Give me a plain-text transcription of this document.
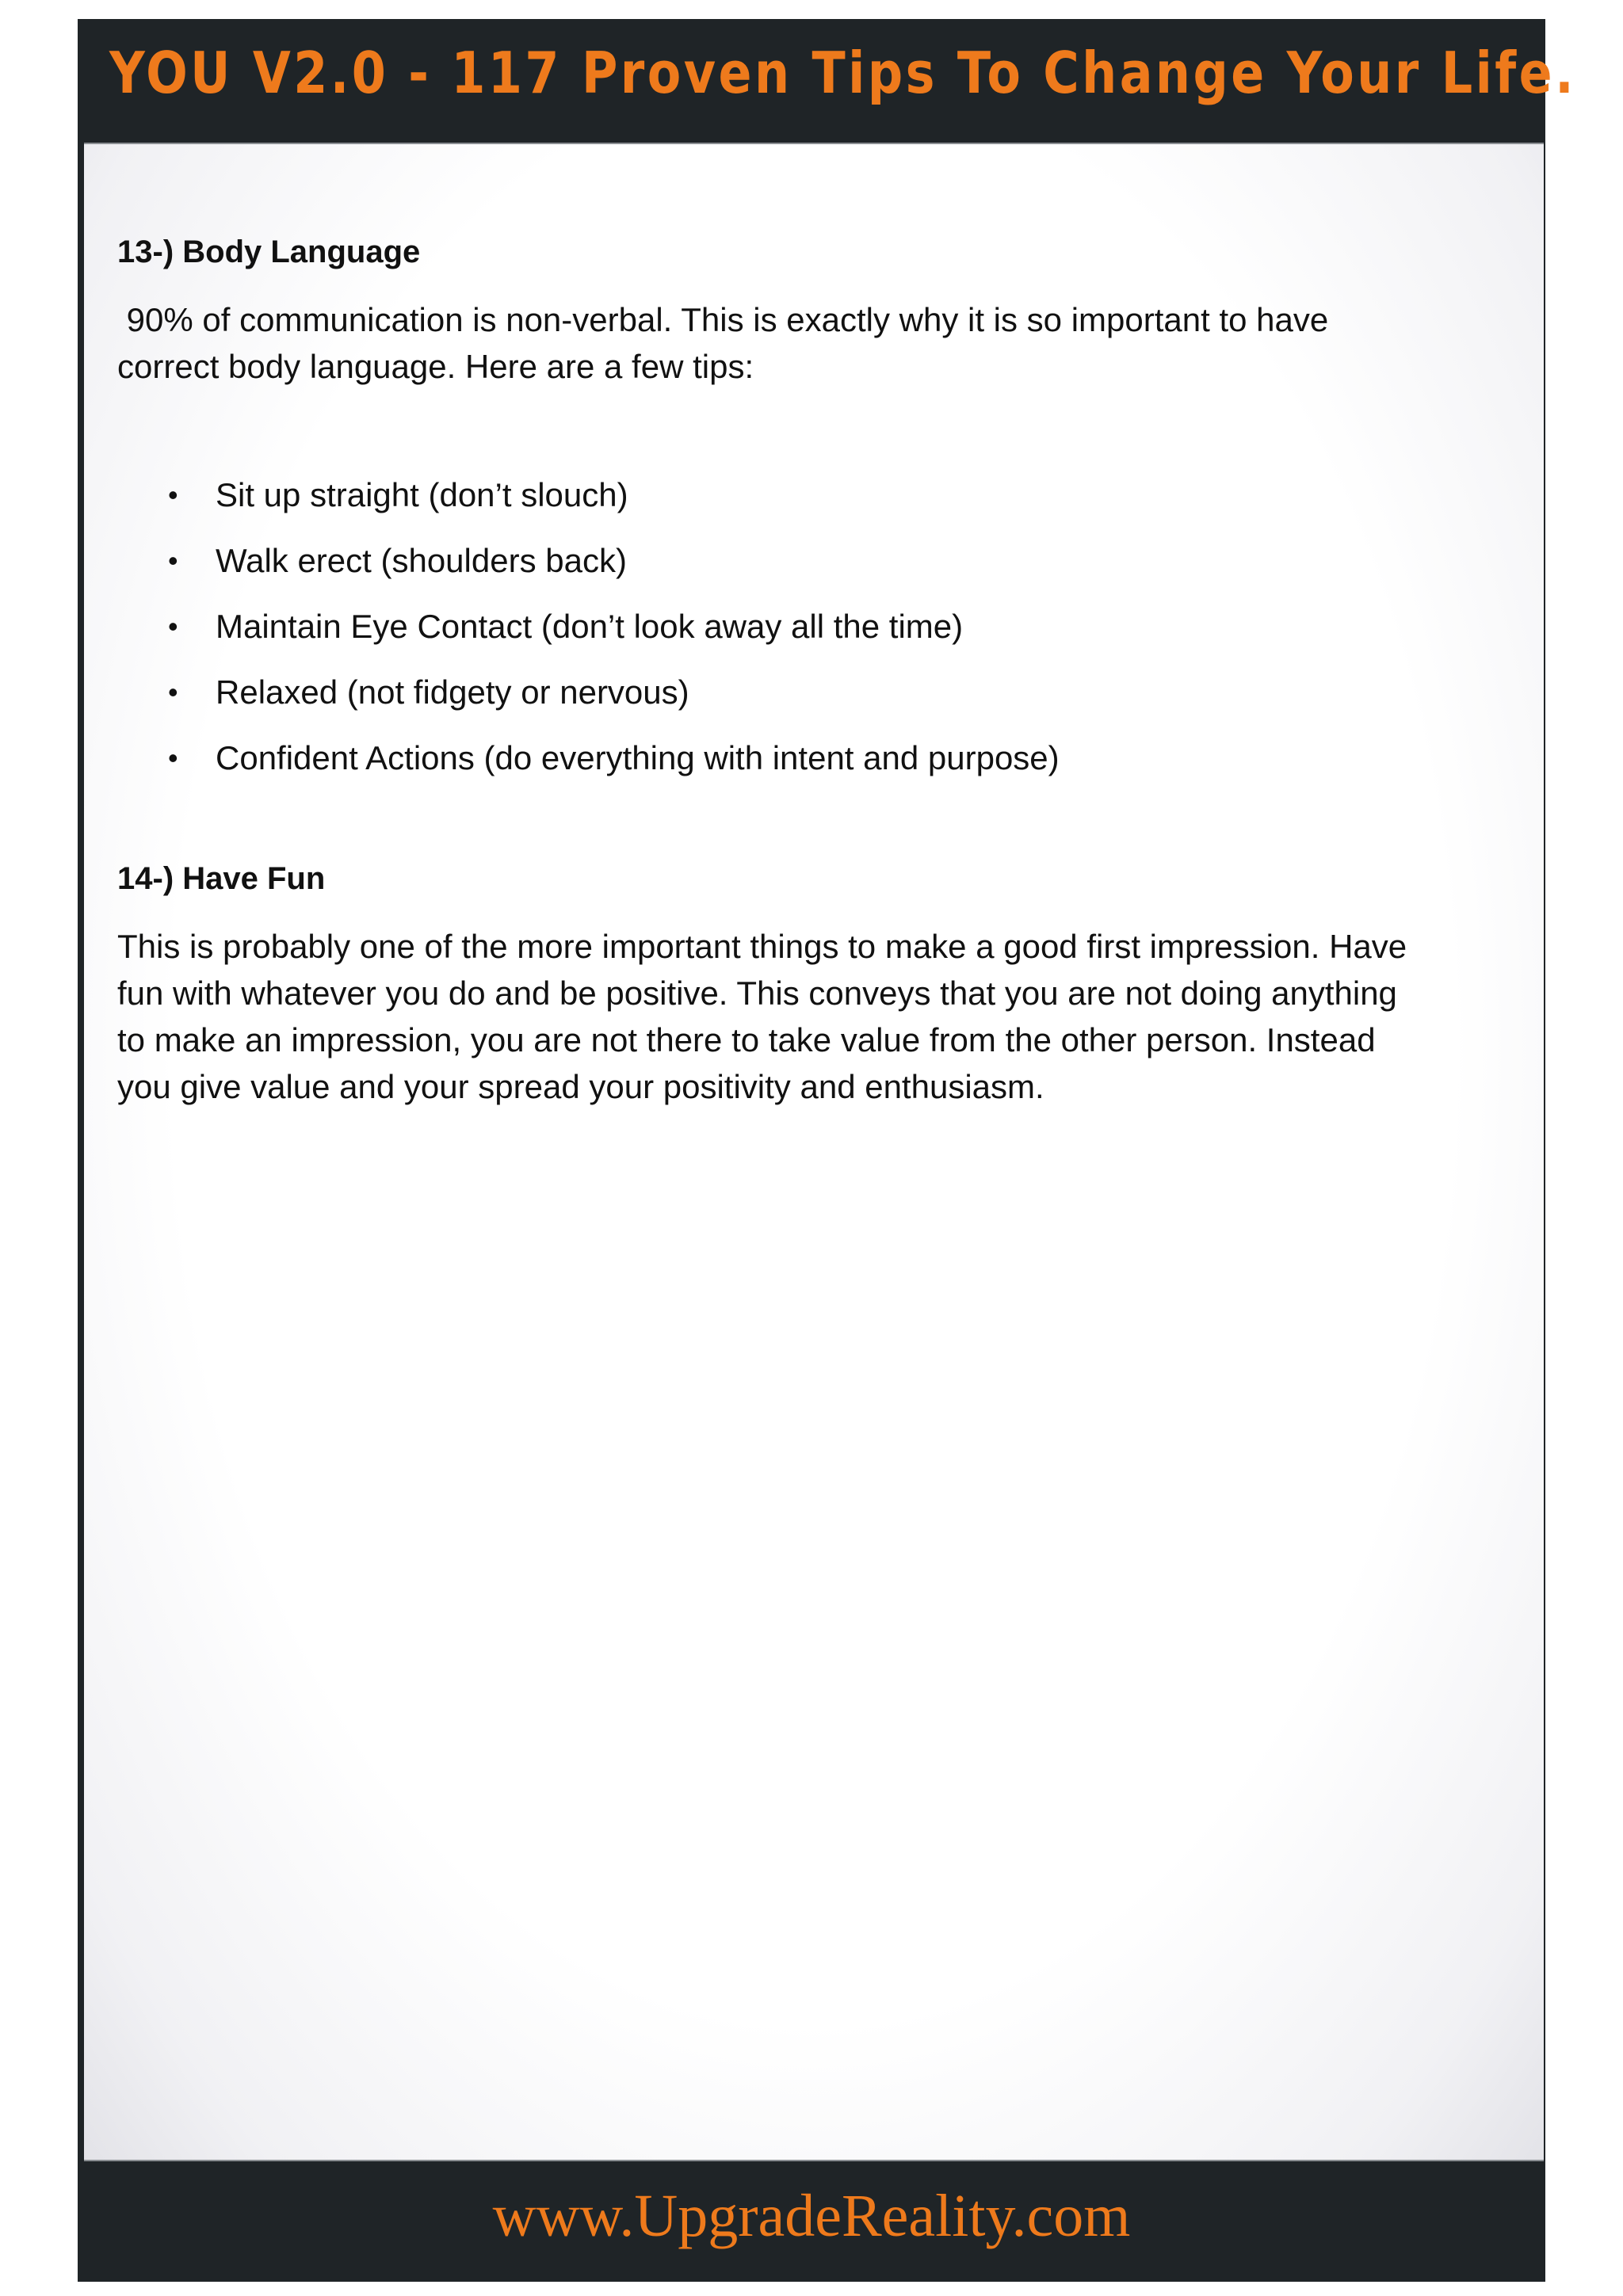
YOU V2.0 - 117 Proven Tips To Change Your Life.
13-) Body Language

90% of communication is non-verbal. This is exactly why it is so important to have
correct body language. Here are a few tips:

• Sit up straight (don’t slouch)
• Walk erect (shoulders back)
• Maintain Eye Contact (don’t look away all the time)
• Relaxed (not fidgety or nervous)
• Confident Actions (do everything with intent and purpose)
14-) Have Fun

This is probably one of the more important things to make a good first impression. Have
fun with whatever you do and be positive. This conveys that you are not doing anything
to make an impression, you are not there to take value from the other person. Instead
you give value and your spread your positivity and enthusiasm.

www.UpgradeReality.com
